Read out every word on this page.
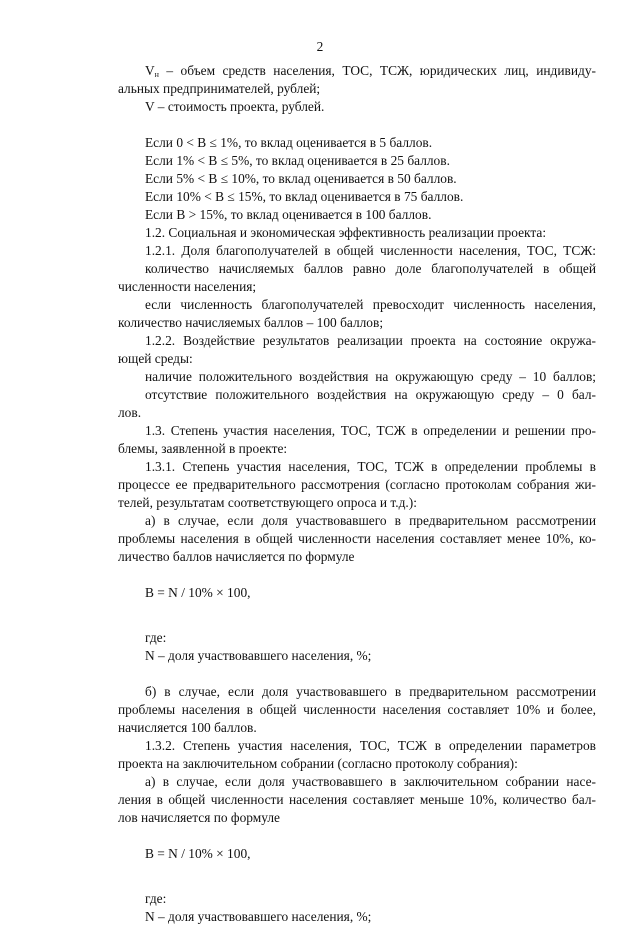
2

$V_н$ – объем средств населения, ТОС, ТСЖ, юридических лиц, индивиду-

альных предпринимателей, рублей;

V – стоимость проекта, рублей.

Если 0 < В ≤ 1%, то вклад оценивается в 5 баллов.

Если 1% < В ≤ 5%, то вклад оценивается в 25 баллов.

Если 5% < В ≤ 10%, то вклад оценивается в 50 баллов.

Если 10% < В ≤ 15%, то вклад оценивается в 75 баллов.

Если В > 15%, то вклад оценивается в 100 баллов.

1.2. Социальная и экономическая эффективность реализации проекта:

1.2.1. Доля благополучателей в общей численности населения, ТОС, ТСЖ:

количество начисляемых баллов равно доле благополучателей в общей

численности населения;

если численность благополучателей превосходит численность населения,

количество начисляемых баллов – 100 баллов;

1.2.2. Воздействие результатов реализации проекта на состояние окружа-

ющей среды:

наличие положительного воздействия на окружающую среду – 10 баллов;

отсутствие положительного воздействия на окружающую среду – 0 бал-

лов.

1.3. Степень участия населения, ТОС, ТСЖ в определении и решении про-

блемы, заявленной в проекте:

1.3.1. Степень участия населения, ТОС, ТСЖ в определении проблемы в

процессе ее предварительного рассмотрения (согласно протоколам собрания жи-

телей, результатам соответствующего опроса и т.д.):

а) в случае, если доля участвовавшего в предварительном рассмотрении

проблемы населения в общей численности населения составляет менее 10%, ко-

личество баллов начисляется по формуле

В = N / 10% × 100,

где:

N – доля участвовавшего населения, %;

б) в случае, если доля участвовавшего в предварительном рассмотрении

проблемы населения в общей численности населения составляет 10% и более,

начисляется 100 баллов.

1.3.2. Степень участия населения, ТОС, ТСЖ в определении параметров

проекта на заключительном собрании (согласно протоколу собрания):

а) в случае, если доля участвовавшего в заключительном собрании насе-

ления в общей численности населения составляет меньше 10%, количество бал-

лов начисляется по формуле

В = N / 10% × 100,

где:

N – доля участвовавшего населения, %;
